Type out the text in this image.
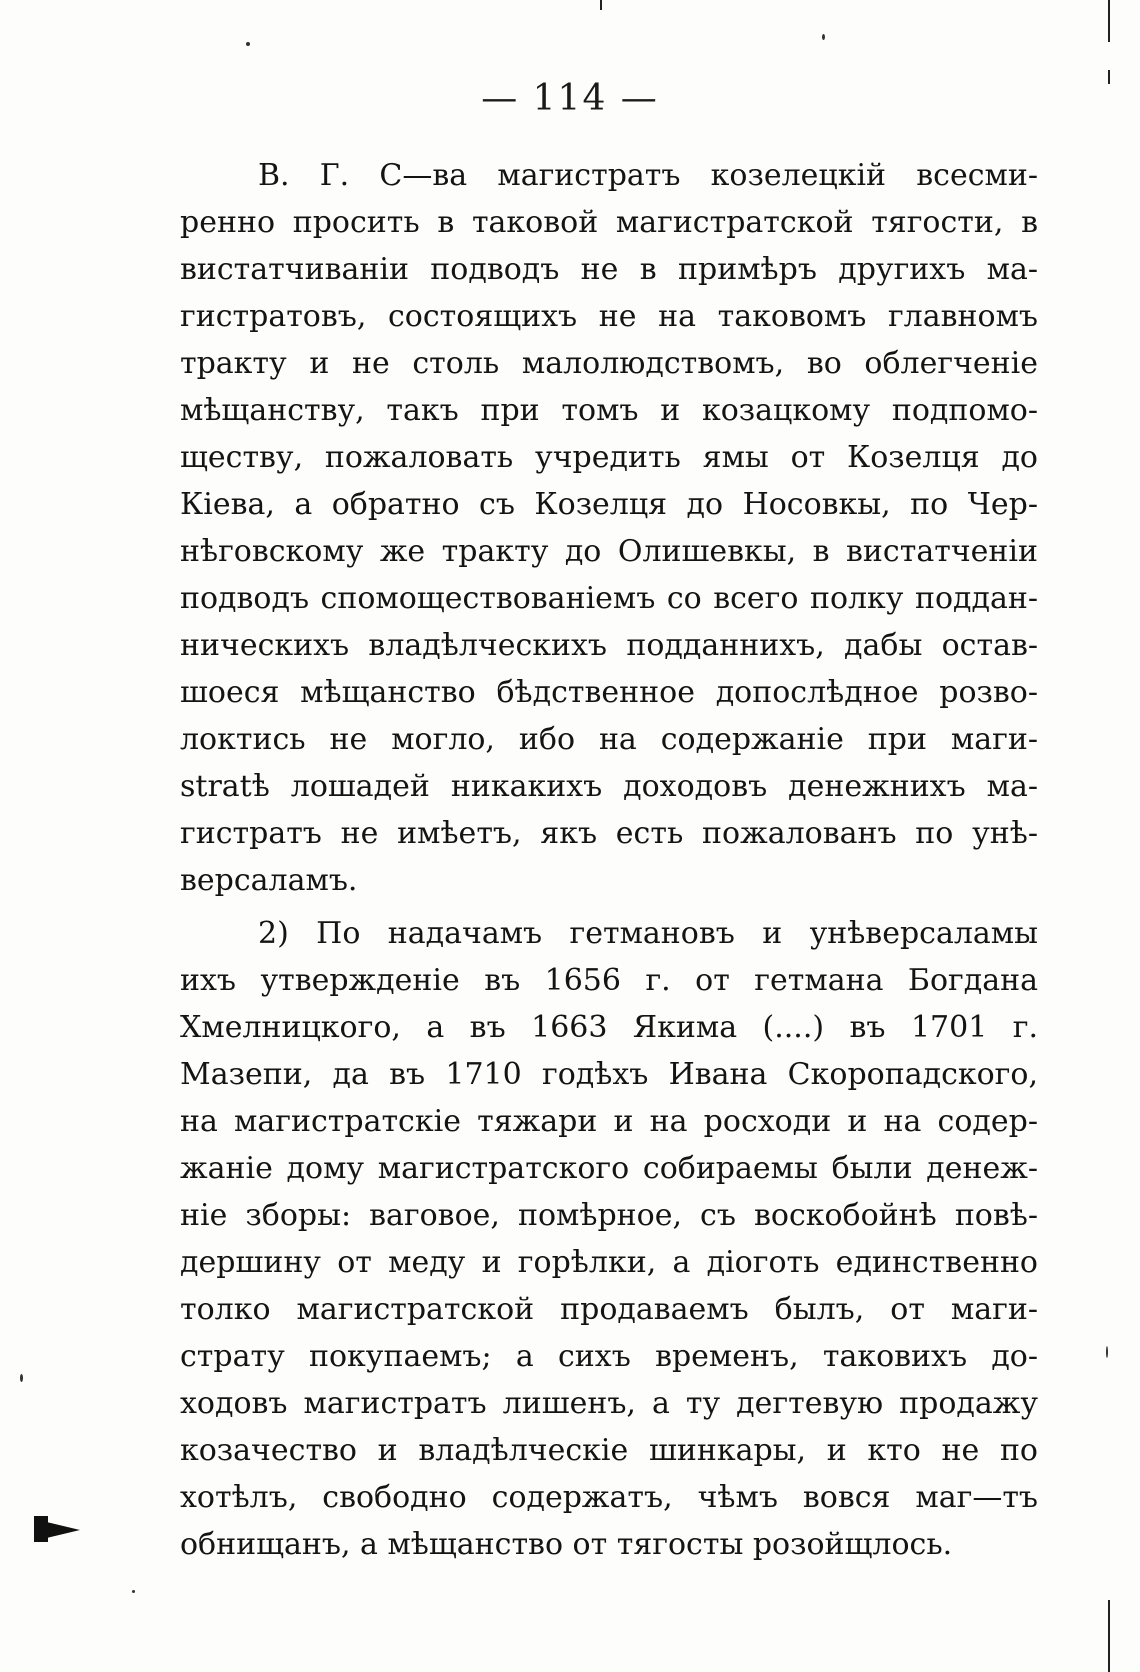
— 114 —
В. Г. С—ва магистратъ козелецкій всесми-
ренно просить в таковой магистратской тягости, в
вистатчиваніи подводъ не в примѣръ другихъ ма-
гистратовъ, состоящихъ не на таковомъ главномъ
тракту и не столь малолюдствомъ, во облегченіе
мѣщанству, такъ при томъ и козацкому подпомо-
ществу, пожаловать учредить ямы от Козелця до
Кіева, а обратно съ Козелця до Носовкы, по Чер-
нѣговскому же тракту до Олишевкы, в вистатченіи
подводъ спомоществованіемъ со всего полку поддан-
ническихъ владѣлческихъ подданнихъ, дабы остав-
шоеся мѣщанство бѣдственное допослѣдное розво-
локтись не могло, ибо на содержаніе при маги-
stratѣ лошадей никакихъ доходовъ денежнихъ ма-
гистратъ не имѣетъ, якъ есть пожалованъ по унѣ-
версаламъ.
2) По надачамъ гетмановъ и унѣверсаламы
ихъ утвержденіе въ 1656 г. от гетмана Богдана
Хмелницкого, а въ 1663 Якима (....) въ 1701 г.
Мазепи, да въ 1710 годѣхъ Ивана Скоропадского,
на магистратскіе тяжари и на росходи и на содер-
жаніе дому магистратского собираемы были денеж-
ніе зборы: ваговое, помѣрное, съ воскобойнѣ повѣ-
дершину от меду и горѣлки, а діоготь единственно
толко магистратской продаваемъ былъ, от маги-
страту покупаемъ; а сихъ временъ, таковихъ до-
ходовъ магистратъ лишенъ, а ту дегтевую продажу
козачество и владѣлческіе шинкары, и кто не по
хотѣлъ, свободно содержатъ, чѣмъ вовся маг—тъ
обнищанъ, а мѣщанство от тягосты розойщлось.
